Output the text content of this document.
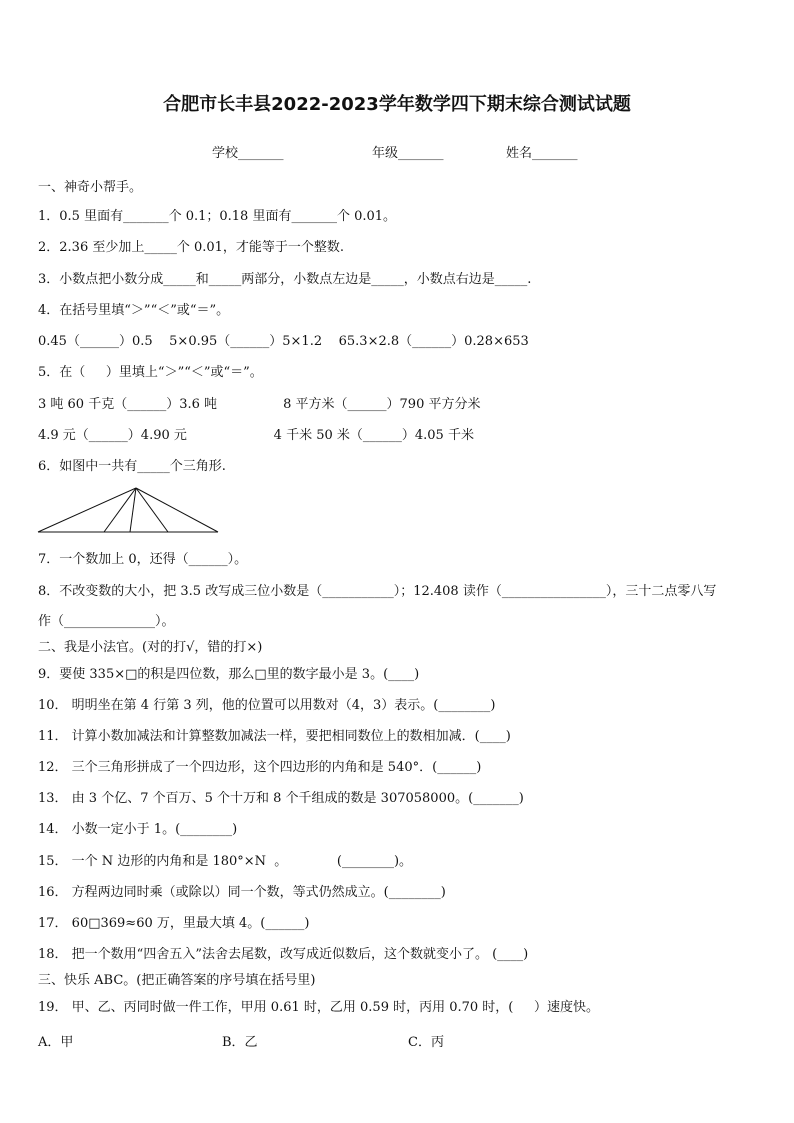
合肥市长丰县2022-2023学年数学四下期末综合测试试题
学校_______	年级_______	姓名_______
一、神奇小帮手。
1．0.5 里面有_______个 0.1；0.18 里面有_______个 0.01。
2．2.36 至少加上_____个 0.01，才能等于一个整数.
3．小数点把小数分成_____和_____两部分，小数点左边是_____，小数点右边是_____.
4．在括号里填“＞”“＜”或“＝”。
0.45（______）0.5    5×0.95（______）5×1.2    65.3×2.8（______）0.28×653
5．在（     ）里填上“＞”“＜”或“＝”。
3 吨 60 千克（______）3.6 吨                8 平方米（______）790 平方分米
4.9 元（______）4.90 元                     4 千米 50 米（______）4.05 千米
6．如图中一共有_____个三角形.
7．一个数加上 0，还得（______）。
8．不改变数的大小，把 3.5 改写成三位小数是（___________）；12.408 读作（________________），三十二点零八写
作（______________）。
二、我是小法官。(对的打√，错的打×)
9．要使 335×□的积是四位数，那么□里的数字最小是 3。(____)
10． 明明坐在第 4 行第 3 列，他的位置可以用数对（4，3）表示。(________)
11． 计算小数加减法和计算整数加减法一样，要把相同数位上的数相加减．(____)
12． 三个三角形拼成了一个四边形，这个四边形的内角和是 540°．(______)
13． 由 3 个亿、7 个百万、5 个十万和 8 个千组成的数是 307058000。(_______)
14． 小数一定小于 1。(________)
15． 一个 N 边形的内角和是 180°×N  。            (________)。
16． 方程两边同时乘（或除以）同一个数，等式仍然成立。(________)
17． 60□369≈60 万，里最大填 4。(______)
18． 把一个数用“四舍五入”法舍去尾数，改写成近似数后，这个数就变小了。 (____)
三、快乐 ABC。(把正确答案的序号填在括号里)
19． 甲、乙、丙同时做一件工作，甲用 0.61 时，乙用 0.59 时，丙用 0.70 时，(     ）速度快。
A．甲	B．乙	C．丙
